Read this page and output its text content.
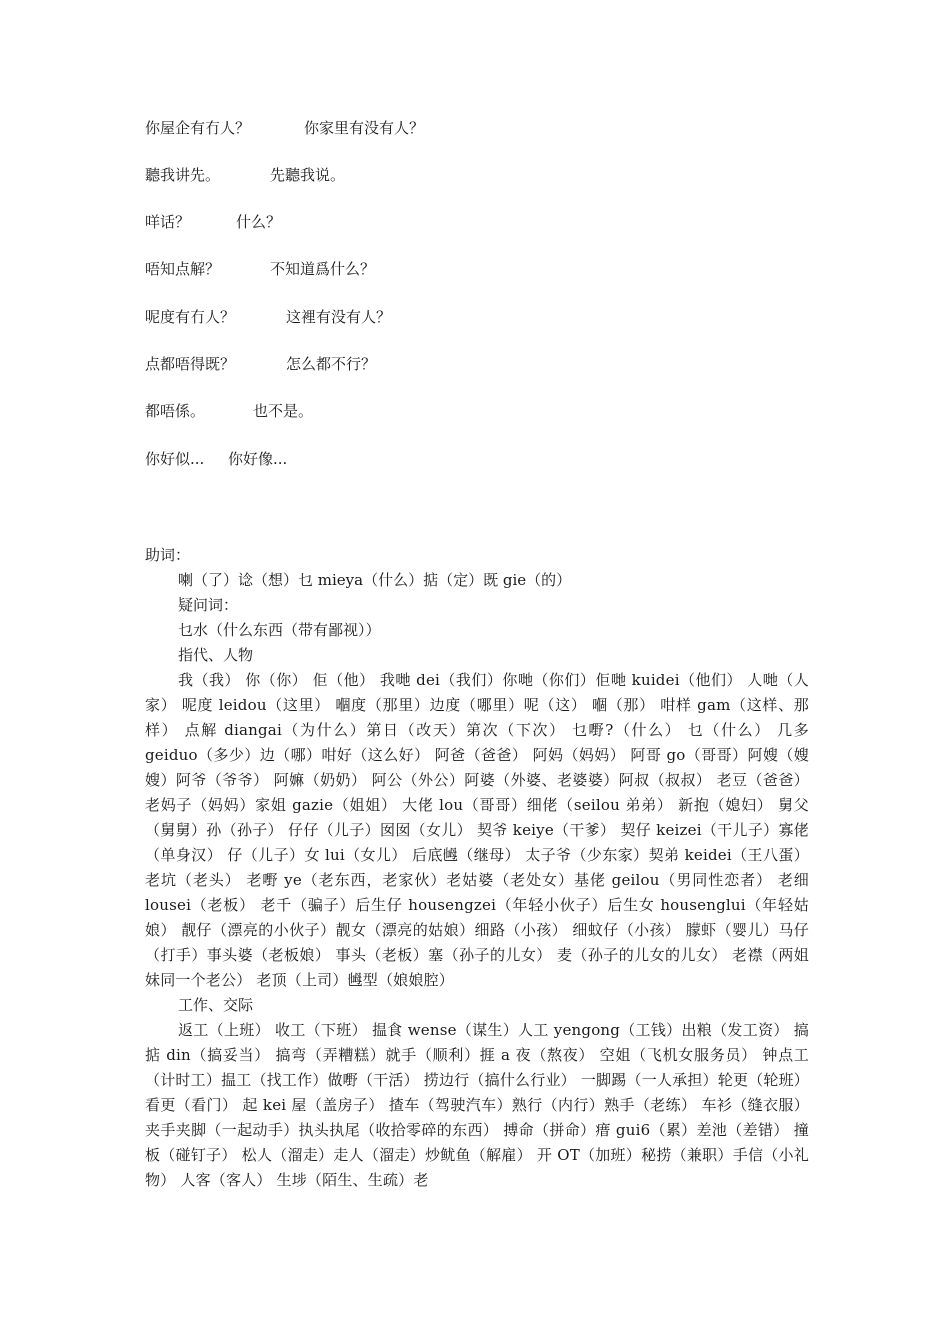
你屋企有冇人？	你家里有没有人？
聽我讲先。	先聽我说。
咩话？	什么？
唔知点解？	不知道爲什么？
呢度有冇人？	这裡有没有人？
点都唔得既？	怎么都不行？
都唔係。	也不是。
你好似... 你好像...
助词：
喇（了）谂（想）乜 mieya（什么）掂（定）既 gie（的）
疑问词：
乜水（什么东西（带有鄙视））
指代、人物

我（我） 你（你） 佢（他） 我哋 dei（我们）你哋（你们）佢哋 kuidei（他们） 人哋（人家） 呢度 leidou（这里） 嗰度（那里）边度（哪里）呢（这） 嗰（那） 咁样 gam（这样、那样） 点解 diangai（为什么）第日（改天）第次（下次） 乜嘢?（什么） 乜（什么） 几多 geiduo（多少）边（哪）咁好（这么好） 阿爸（爸爸） 阿妈（妈妈） 阿哥 go（哥哥）阿嫂（嫂嫂）阿爷（爷爷） 阿嫲（奶奶） 阿公（外公）阿婆（外婆、老婆婆）阿叔（叔叔） 老豆（爸爸） 老妈子（妈妈）家姐 gazie（姐姐） 大佬 lou（哥哥）细佬（seilou 弟弟） 新抱（媳妇） 舅父（舅舅）孙（孙子） 仔仔（儿子）囡囡（女儿） 契爷 keiye（干爹） 契仔 keizei（干儿子）寡佬（单身汉） 仔（儿子）女 lui（女儿） 后底乸（继母） 太子爷（少东家）契弟 keidei（王八蛋）老坑（老头） 老嘢 ye（老东西，老家伙）老姑婆（老处女）基佬 geilou（男同性恋者） 老细 lousei（老板） 老千（骗子）后生仔 housengzei（年轻小伙子）后生女 housenglui（年轻姑娘） 靓仔（漂亮的小伙子）靓女（漂亮的姑娘）细路（小孩） 细蚊仔（小孩） 朦虾（婴儿）马仔（打手）事头婆（老板娘） 事头（老板）塞（孙子的儿女） 麦（孙子的儿女的儿女） 老襟（两姐妹同一个老公） 老顶（上司）乸型（娘娘腔）

工作、交际

返工（上班） 收工（下班） 揾食 wense（谋生）人工 yengong（工钱）出粮（发工资） 搞掂 din（搞妥当） 搞弯（弄糟糕）就手（顺利）捱 a 夜（熬夜） 空姐（飞机女服务员） 钟点工（计时工）揾工（找工作）做嘢（干活） 捞边行（搞什么行业） 一脚踢（一人承担）轮更（轮班）看更（看门） 起 kei 屋（盖房子） 揸车（驾驶汽车）熟行（内行）熟手（老练） 车衫（缝衣服）夹手夹脚（一起动手）执头执尾（收拾零碎的东西） 搏命（拼命）瘄 gui6（累）差池（差错） 撞板（碰钉子） 松人（溜走）走人（溜走）炒鱿鱼（解雇） 开 OT（加班）秘捞（兼职）手信（小礼物） 人客（客人） 生埗（陌生、生疏）老
